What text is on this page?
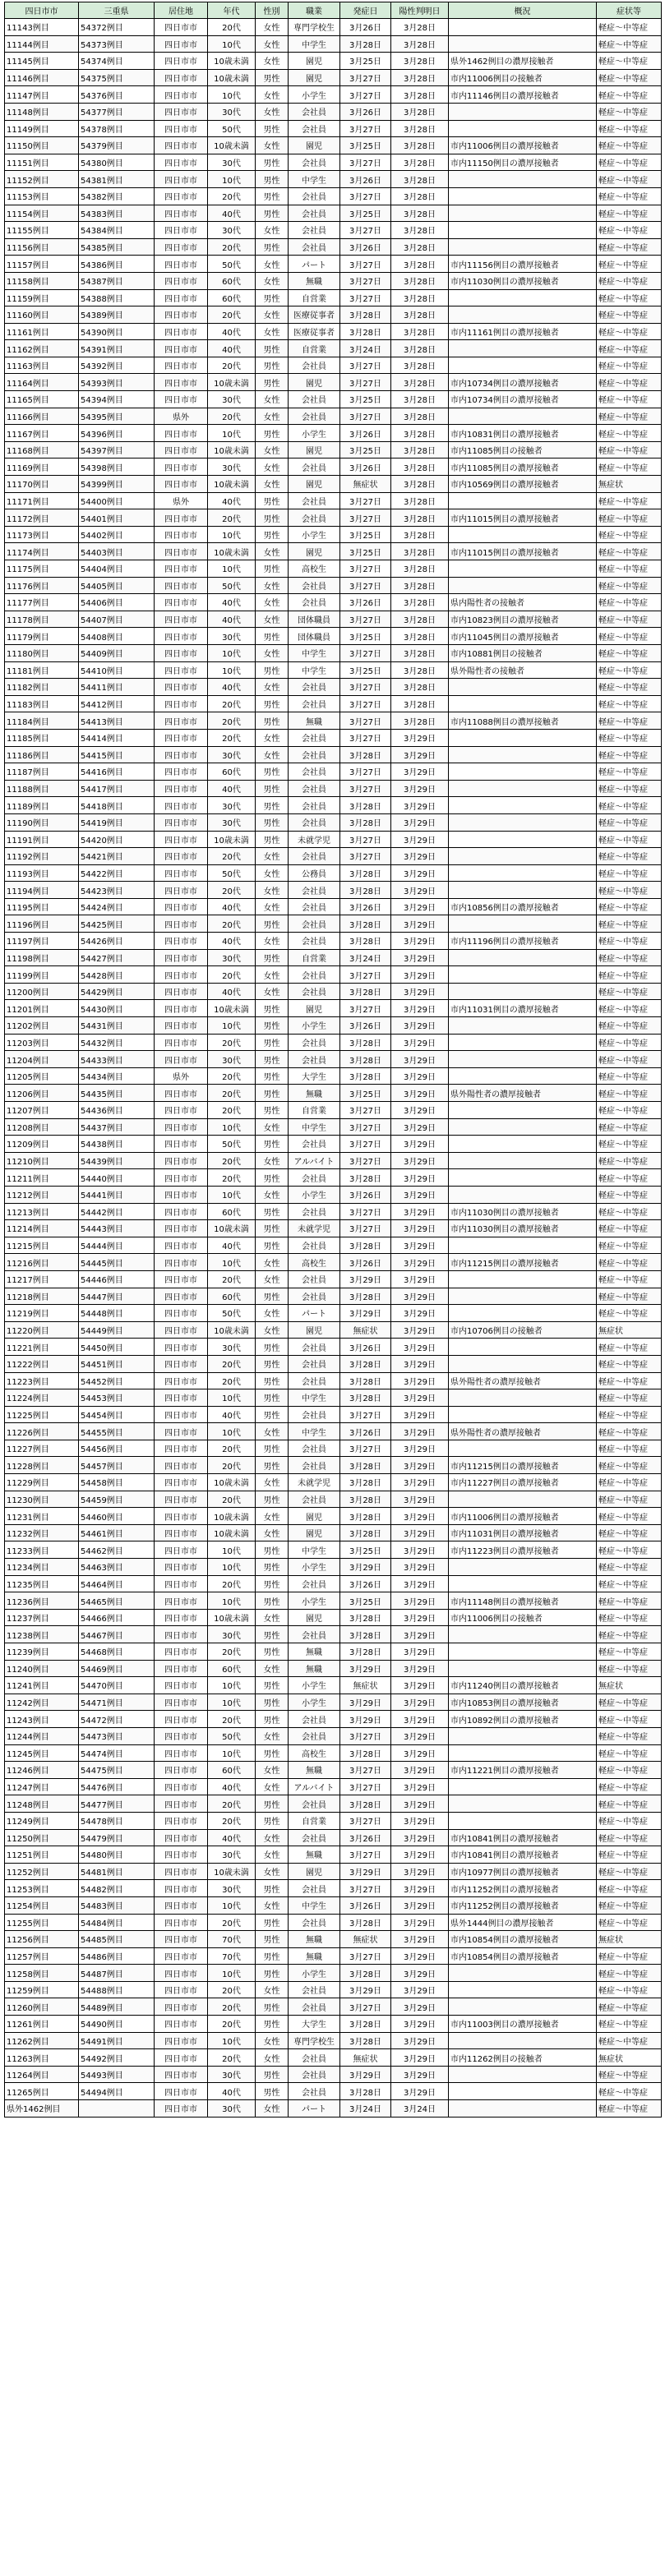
四日市市	三重県	居住地	年代	性別	職業	発症日	陽性判明日	概況	症状等
11143例目	54372例目	四日市市	20代	女性	専門学校生	3月26日	3月28日		軽症～中等症
11144例目	54373例目	四日市市	10代	女性	中学生	3月28日	3月28日		軽症～中等症
11145例目	54374例目	四日市市	10歳未満	女性	園児	3月25日	3月28日	県外1462例目の濃厚接触者	軽症～中等症
11146例目	54375例目	四日市市	10歳未満	男性	園児	3月27日	3月28日	市内11006例目の接触者	軽症～中等症
11147例目	54376例目	四日市市	10代	女性	小学生	3月27日	3月28日	市内11146例目の濃厚接触者	軽症～中等症
11148例目	54377例目	四日市市	30代	女性	会社員	3月26日	3月28日		軽症～中等症
11149例目	54378例目	四日市市	50代	男性	会社員	3月27日	3月28日		軽症～中等症
11150例目	54379例目	四日市市	10歳未満	女性	園児	3月25日	3月28日	市内11006例目の濃厚接触者	軽症～中等症
11151例目	54380例目	四日市市	30代	男性	会社員	3月27日	3月28日	市内11150例目の濃厚接触者	軽症～中等症
11152例目	54381例目	四日市市	10代	男性	中学生	3月26日	3月28日		軽症～中等症
11153例目	54382例目	四日市市	20代	男性	会社員	3月27日	3月28日		軽症～中等症
11154例目	54383例目	四日市市	40代	男性	会社員	3月25日	3月28日		軽症～中等症
11155例目	54384例目	四日市市	30代	女性	会社員	3月27日	3月28日		軽症～中等症
11156例目	54385例目	四日市市	20代	男性	会社員	3月26日	3月28日		軽症～中等症
11157例目	54386例目	四日市市	50代	女性	パート	3月27日	3月28日	市内11156例目の濃厚接触者	軽症～中等症
11158例目	54387例目	四日市市	60代	女性	無職	3月27日	3月28日	市内11030例目の濃厚接触者	軽症～中等症
11159例目	54388例目	四日市市	60代	男性	自営業	3月27日	3月28日		軽症～中等症
11160例目	54389例目	四日市市	20代	女性	医療従事者	3月28日	3月28日		軽症～中等症
11161例目	54390例目	四日市市	40代	女性	医療従事者	3月28日	3月28日	市内11161例目の濃厚接触者	軽症～中等症
11162例目	54391例目	四日市市	40代	男性	自営業	3月24日	3月28日		軽症～中等症
11163例目	54392例目	四日市市	20代	男性	会社員	3月27日	3月28日		軽症～中等症
11164例目	54393例目	四日市市	10歳未満	男性	園児	3月27日	3月28日	市内10734例目の濃厚接触者	軽症～中等症
11165例目	54394例目	四日市市	30代	女性	会社員	3月25日	3月28日	市内10734例目の濃厚接触者	軽症～中等症
11166例目	54395例目	県外	20代	女性	会社員	3月27日	3月28日		軽症～中等症
11167例目	54396例目	四日市市	10代	男性	小学生	3月26日	3月28日	市内10831例目の濃厚接触者	軽症～中等症
11168例目	54397例目	四日市市	10歳未満	女性	園児	3月25日	3月28日	市内11085例目の接触者	軽症～中等症
11169例目	54398例目	四日市市	30代	女性	会社員	3月26日	3月28日	市内11085例目の濃厚接触者	軽症～中等症
11170例目	54399例目	四日市市	10歳未満	女性	園児	無症状	3月28日	市内10569例目の濃厚接触者	無症状
11171例目	54400例目	県外	40代	男性	会社員	3月27日	3月28日		軽症～中等症
11172例目	54401例目	四日市市	20代	男性	会社員	3月27日	3月28日	市内11015例目の濃厚接触者	軽症～中等症
11173例目	54402例目	四日市市	10代	男性	小学生	3月25日	3月28日		軽症～中等症
11174例目	54403例目	四日市市	10歳未満	女性	園児	3月25日	3月28日	市内11015例目の濃厚接触者	軽症～中等症
11175例目	54404例目	四日市市	10代	男性	高校生	3月27日	3月28日		軽症～中等症
11176例目	54405例目	四日市市	50代	女性	会社員	3月27日	3月28日		軽症～中等症
11177例目	54406例目	四日市市	40代	女性	会社員	3月26日	3月28日	県内陽性者の接触者	軽症～中等症
11178例目	54407例目	四日市市	40代	女性	団体職員	3月27日	3月28日	市内10823例目の濃厚接触者	軽症～中等症
11179例目	54408例目	四日市市	30代	男性	団体職員	3月25日	3月28日	市内11045例目の濃厚接触者	軽症～中等症
11180例目	54409例目	四日市市	10代	女性	中学生	3月27日	3月28日	市内10881例目の接触者	軽症～中等症
11181例目	54410例目	四日市市	10代	男性	中学生	3月25日	3月28日	県外陽性者の接触者	軽症～中等症
11182例目	54411例目	四日市市	40代	女性	会社員	3月27日	3月28日		軽症～中等症
11183例目	54412例目	四日市市	20代	男性	会社員	3月27日	3月28日		軽症～中等症
11184例目	54413例目	四日市市	20代	男性	無職	3月27日	3月28日	市内11088例目の濃厚接触者	軽症～中等症
11185例目	54414例目	四日市市	20代	女性	会社員	3月27日	3月29日		軽症～中等症
11186例目	54415例目	四日市市	30代	女性	会社員	3月28日	3月29日		軽症～中等症
11187例目	54416例目	四日市市	60代	男性	会社員	3月27日	3月29日		軽症～中等症
11188例目	54417例目	四日市市	40代	男性	会社員	3月27日	3月29日		軽症～中等症
11189例目	54418例目	四日市市	30代	男性	会社員	3月28日	3月29日		軽症～中等症
11190例目	54419例目	四日市市	30代	男性	会社員	3月28日	3月29日		軽症～中等症
11191例目	54420例目	四日市市	10歳未満	男性	未就学児	3月27日	3月29日		軽症～中等症
11192例目	54421例目	四日市市	20代	女性	会社員	3月27日	3月29日		軽症～中等症
11193例目	54422例目	四日市市	50代	女性	公務員	3月28日	3月29日		軽症～中等症
11194例目	54423例目	四日市市	20代	女性	会社員	3月28日	3月29日		軽症～中等症
11195例目	54424例目	四日市市	40代	女性	会社員	3月26日	3月29日	市内10856例目の濃厚接触者	軽症～中等症
11196例目	54425例目	四日市市	20代	男性	会社員	3月28日	3月29日		軽症～中等症
11197例目	54426例目	四日市市	40代	女性	会社員	3月28日	3月29日	市内11196例目の濃厚接触者	軽症～中等症
11198例目	54427例目	四日市市	30代	男性	自営業	3月24日	3月29日		軽症～中等症
11199例目	54428例目	四日市市	20代	女性	会社員	3月27日	3月29日		軽症～中等症
11200例目	54429例目	四日市市	40代	女性	会社員	3月28日	3月29日		軽症～中等症
11201例目	54430例目	四日市市	10歳未満	男性	園児	3月27日	3月29日	市内11031例目の濃厚接触者	軽症～中等症
11202例目	54431例目	四日市市	10代	男性	小学生	3月26日	3月29日		軽症～中等症
11203例目	54432例目	四日市市	20代	男性	会社員	3月28日	3月29日		軽症～中等症
11204例目	54433例目	四日市市	30代	男性	会社員	3月28日	3月29日		軽症～中等症
11205例目	54434例目	県外	20代	男性	大学生	3月28日	3月29日		軽症～中等症
11206例目	54435例目	四日市市	20代	男性	無職	3月25日	3月29日	県外陽性者の濃厚接触者	軽症～中等症
11207例目	54436例目	四日市市	20代	男性	自営業	3月27日	3月29日		軽症～中等症
11208例目	54437例目	四日市市	10代	女性	中学生	3月27日	3月29日		軽症～中等症
11209例目	54438例目	四日市市	50代	男性	会社員	3月27日	3月29日		軽症～中等症
11210例目	54439例目	四日市市	20代	女性	アルバイト	3月27日	3月29日		軽症～中等症
11211例目	54440例目	四日市市	20代	男性	会社員	3月28日	3月29日		軽症～中等症
11212例目	54441例目	四日市市	10代	女性	小学生	3月26日	3月29日		軽症～中等症
11213例目	54442例目	四日市市	60代	男性	会社員	3月27日	3月29日	市内11030例目の濃厚接触者	軽症～中等症
11214例目	54443例目	四日市市	10歳未満	男性	未就学児	3月27日	3月29日	市内11030例目の濃厚接触者	軽症～中等症
11215例目	54444例目	四日市市	40代	男性	会社員	3月28日	3月29日		軽症～中等症
11216例目	54445例目	四日市市	10代	女性	高校生	3月26日	3月29日	市内11215例目の濃厚接触者	軽症～中等症
11217例目	54446例目	四日市市	20代	女性	会社員	3月29日	3月29日		軽症～中等症
11218例目	54447例目	四日市市	60代	男性	会社員	3月28日	3月29日		軽症～中等症
11219例目	54448例目	四日市市	50代	女性	パート	3月29日	3月29日		軽症～中等症
11220例目	54449例目	四日市市	10歳未満	女性	園児	無症状	3月29日	市内10706例目の接触者	無症状
11221例目	54450例目	四日市市	30代	男性	会社員	3月26日	3月29日		軽症～中等症
11222例目	54451例目	四日市市	20代	男性	会社員	3月28日	3月29日		軽症～中等症
11223例目	54452例目	四日市市	20代	男性	会社員	3月28日	3月29日	県外陽性者の濃厚接触者	軽症～中等症
11224例目	54453例目	四日市市	10代	男性	中学生	3月28日	3月29日		軽症～中等症
11225例目	54454例目	四日市市	40代	男性	会社員	3月27日	3月29日		軽症～中等症
11226例目	54455例目	四日市市	10代	女性	中学生	3月26日	3月29日	県外陽性者の濃厚接触者	軽症～中等症
11227例目	54456例目	四日市市	20代	男性	会社員	3月27日	3月29日		軽症～中等症
11228例目	54457例目	四日市市	20代	男性	会社員	3月28日	3月29日	市内11215例目の濃厚接触者	軽症～中等症
11229例目	54458例目	四日市市	10歳未満	女性	未就学児	3月28日	3月29日	市内11227例目の濃厚接触者	軽症～中等症
11230例目	54459例目	四日市市	20代	男性	会社員	3月28日	3月29日		軽症～中等症
11231例目	54460例目	四日市市	10歳未満	女性	園児	3月28日	3月29日	市内11006例目の濃厚接触者	軽症～中等症
11232例目	54461例目	四日市市	10歳未満	女性	園児	3月28日	3月29日	市内11031例目の濃厚接触者	軽症～中等症
11233例目	54462例目	四日市市	10代	男性	中学生	3月25日	3月29日	市内11223例目の濃厚接触者	軽症～中等症
11234例目	54463例目	四日市市	10代	男性	小学生	3月29日	3月29日		軽症～中等症
11235例目	54464例目	四日市市	20代	男性	会社員	3月26日	3月29日		軽症～中等症
11236例目	54465例目	四日市市	10代	男性	小学生	3月25日	3月29日	市内11148例目の濃厚接触者	軽症～中等症
11237例目	54466例目	四日市市	10歳未満	女性	園児	3月28日	3月29日	市内11006例目の接触者	軽症～中等症
11238例目	54467例目	四日市市	30代	男性	会社員	3月28日	3月29日		軽症～中等症
11239例目	54468例目	四日市市	20代	男性	無職	3月28日	3月29日		軽症～中等症
11240例目	54469例目	四日市市	60代	女性	無職	3月29日	3月29日		軽症～中等症
11241例目	54470例目	四日市市	10代	男性	小学生	無症状	3月29日	市内11240例目の濃厚接触者	無症状
11242例目	54471例目	四日市市	10代	男性	小学生	3月29日	3月29日	市内10853例目の濃厚接触者	軽症～中等症
11243例目	54472例目	四日市市	20代	男性	会社員	3月29日	3月29日	市内10892例目の濃厚接触者	軽症～中等症
11244例目	54473例目	四日市市	50代	女性	会社員	3月27日	3月29日		軽症～中等症
11245例目	54474例目	四日市市	10代	男性	高校生	3月28日	3月29日		軽症～中等症
11246例目	54475例目	四日市市	60代	女性	無職	3月27日	3月29日	市内11221例目の濃厚接触者	軽症～中等症
11247例目	54476例目	四日市市	40代	女性	アルバイト	3月27日	3月29日		軽症～中等症
11248例目	54477例目	四日市市	20代	男性	会社員	3月28日	3月29日		軽症～中等症
11249例目	54478例目	四日市市	20代	男性	自営業	3月27日	3月29日		軽症～中等症
11250例目	54479例目	四日市市	40代	女性	会社員	3月26日	3月29日	市内10841例目の濃厚接触者	軽症～中等症
11251例目	54480例目	四日市市	30代	女性	無職	3月27日	3月29日	市内10841例目の濃厚接触者	軽症～中等症
11252例目	54481例目	四日市市	10歳未満	女性	園児	3月29日	3月29日	市内10977例目の濃厚接触者	軽症～中等症
11253例目	54482例目	四日市市	30代	男性	会社員	3月27日	3月29日	市内11252例目の濃厚接触者	軽症～中等症
11254例目	54483例目	四日市市	10代	女性	中学生	3月26日	3月29日	市内11252例目の濃厚接触者	軽症～中等症
11255例目	54484例目	四日市市	20代	男性	会社員	3月28日	3月29日	県外1444例目の濃厚接触者	軽症～中等症
11256例目	54485例目	四日市市	70代	男性	無職	無症状	3月29日	市内10854例目の濃厚接触者	無症状
11257例目	54486例目	四日市市	70代	男性	無職	3月27日	3月29日	市内10854例目の濃厚接触者	軽症～中等症
11258例目	54487例目	四日市市	10代	男性	小学生	3月28日	3月29日		軽症～中等症
11259例目	54488例目	四日市市	20代	女性	会社員	3月29日	3月29日		軽症～中等症
11260例目	54489例目	四日市市	20代	男性	会社員	3月27日	3月29日		軽症～中等症
11261例目	54490例目	四日市市	20代	男性	大学生	3月28日	3月29日	市内11003例目の濃厚接触者	軽症～中等症
11262例目	54491例目	四日市市	10代	女性	専門学校生	3月28日	3月29日		軽症～中等症
11263例目	54492例目	四日市市	20代	女性	会社員	無症状	3月29日	市内11262例目の接触者	無症状
11264例目	54493例目	四日市市	30代	男性	会社員	3月29日	3月29日		軽症～中等症
11265例目	54494例目	四日市市	40代	男性	会社員	3月28日	3月29日		軽症～中等症
県外1462例目		四日市市	30代	女性	パート	3月24日	3月24日		軽症～中等症
